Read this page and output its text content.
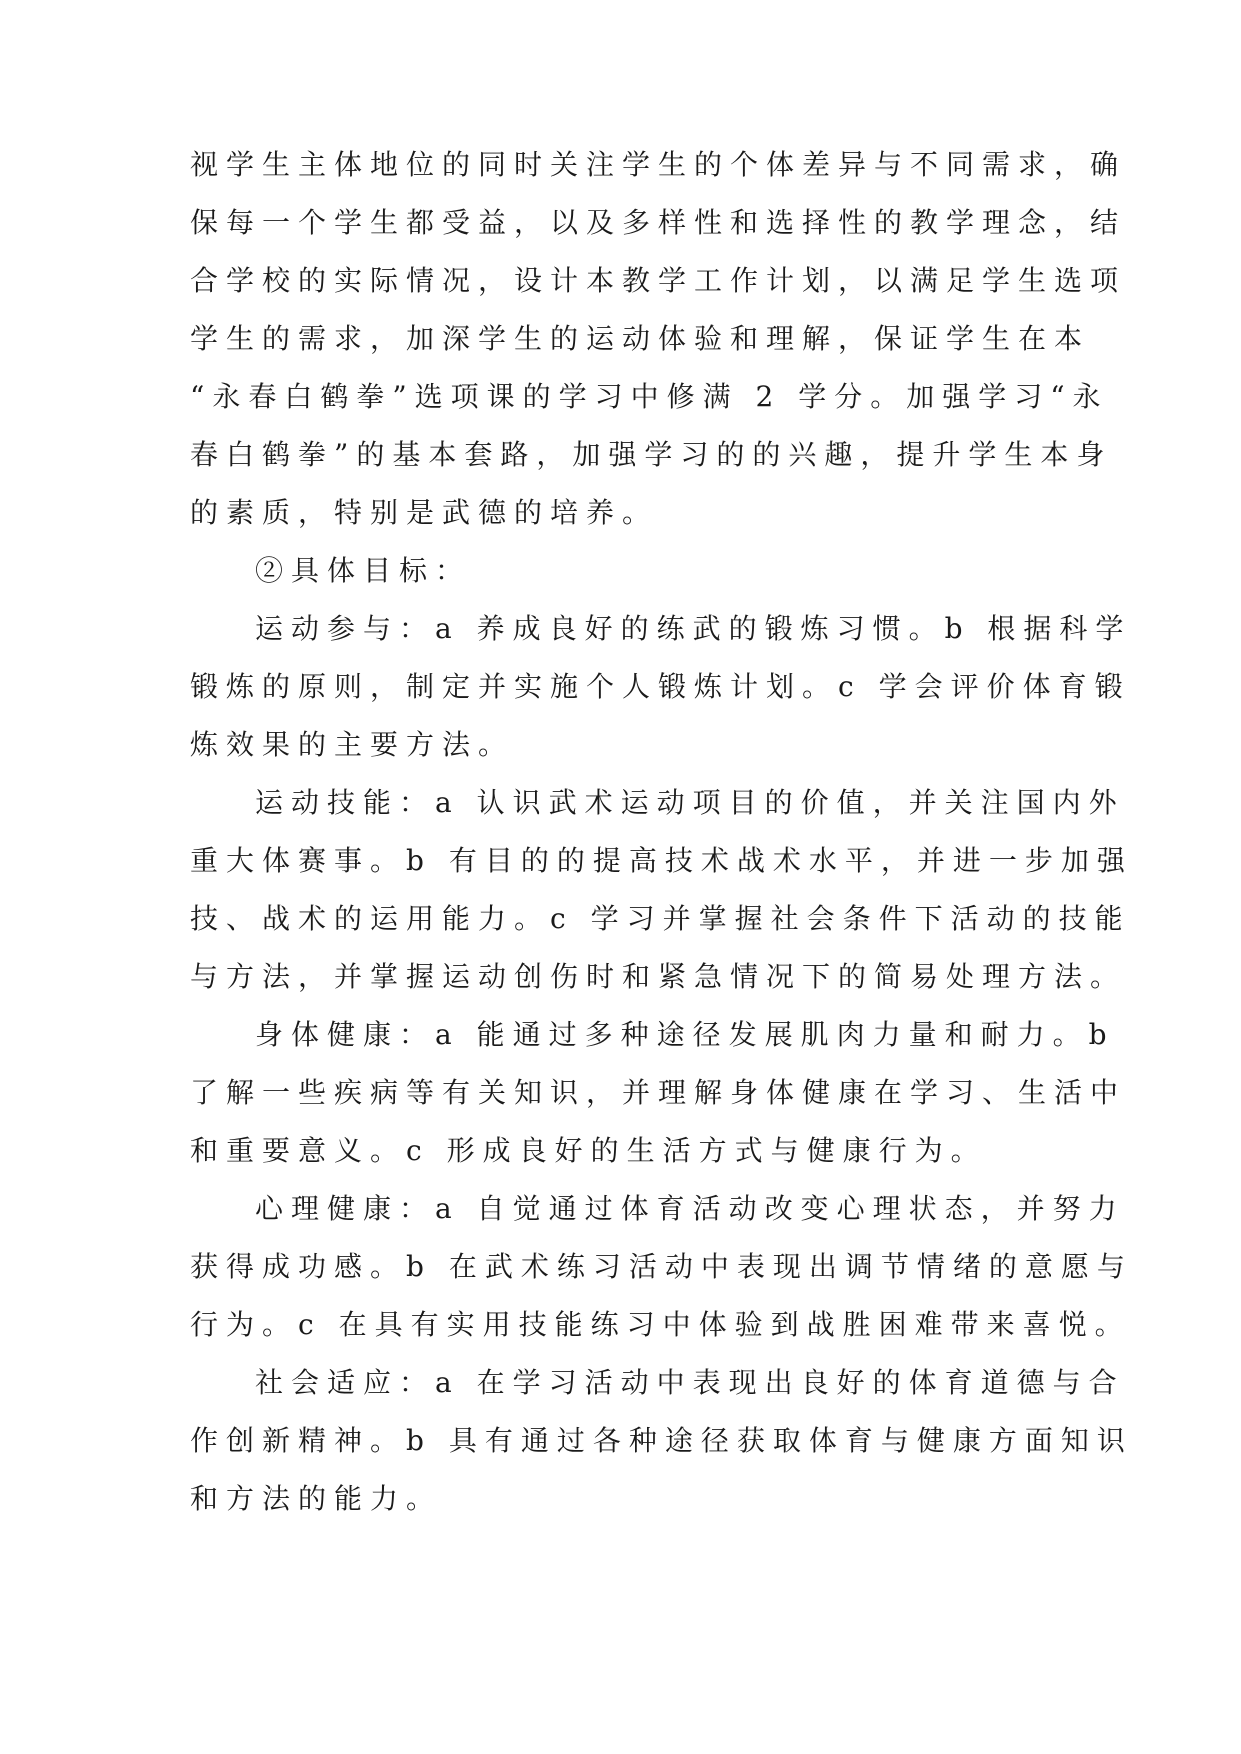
视学生主体地位的同时关注学生的个体差异与不同需求，确
保每一个学生都受益，以及多样性和选择性的教学理念，结
合学校的实际情况，设计本教学工作计划，以满足学生选项
学生的需求，加深学生的运动体验和理解，保证学生在本
“永春白鹤拳”选项课的学习中修满 2 学分。加强学习“永
春白鹤拳”的基本套路，加强学习的的兴趣，提升学生本身
的素质，特别是武德的培养。
②具体目标：
运动参与：a 养成良好的练武的锻炼习惯。b 根据科学
锻炼的原则，制定并实施个人锻炼计划。c 学会评价体育锻
炼效果的主要方法。
运动技能：a 认识武术运动项目的价值，并关注国内外
重大体赛事。b 有目的的提高技术战术水平，并进一步加强
技、战术的运用能力。c 学习并掌握社会条件下活动的技能
与方法，并掌握运动创伤时和紧急情况下的简易处理方法。
身体健康：a 能通过多种途径发展肌肉力量和耐力。b
了解一些疾病等有关知识，并理解身体健康在学习、生活中
和重要意义。c 形成良好的生活方式与健康行为。
心理健康：a 自觉通过体育活动改变心理状态，并努力
获得成功感。b 在武术练习活动中表现出调节情绪的意愿与
行为。c 在具有实用技能练习中体验到战胜困难带来喜悦。
社会适应：a 在学习活动中表现出良好的体育道德与合
作创新精神。b 具有通过各种途径获取体育与健康方面知识
和方法的能力。
